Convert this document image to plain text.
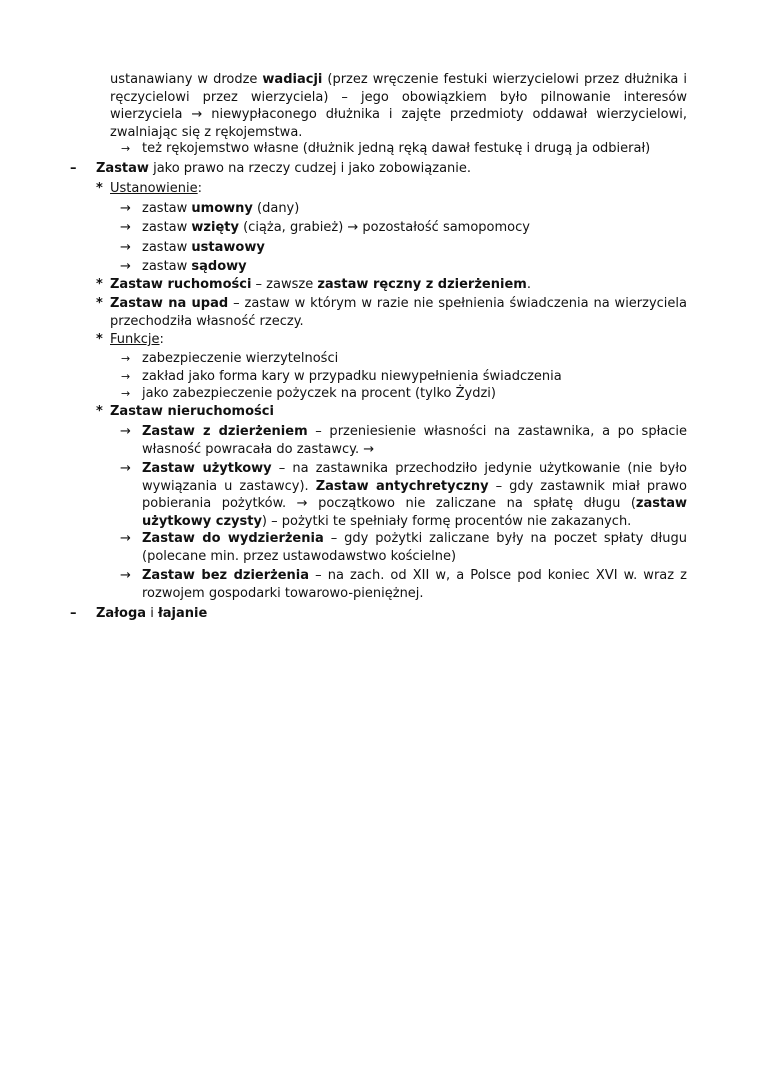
ustanawiany w drodze wadiacji (przez wręczenie festuki wierzycielowi przez dłużnika i ręczycielowi przez wierzyciela) – jego obowiązkiem było pilnowanie interesów wierzyciela → niewypłaconego dłużnika i zajęte przedmioty oddawał wierzycielowi, zwalniając się z rękojemstwa.
→ też rękojemstwo własne (dłużnik jedną ręką dawał festukę i drugą ja odbierał)
– Zastaw jako prawo na rzeczy cudzej i jako zobowiązanie.
* Ustanowienie:
→ zastaw umowny (dany)
→ zastaw wzięty (ciąża, grabież) → pozostałość samopomocy
→ zastaw ustawowy
→ zastaw sądowy
* Zastaw ruchomości – zawsze zastaw ręczny z dzierżeniem.
* Zastaw na upad – zastaw w którym w razie nie spełnienia świadczenia na wierzyciela przechodziła własność rzeczy.
* Funkcje:
→ zabezpieczenie wierzytelności
→ zakład jako forma kary w przypadku niewypełnienia świadczenia
→ jako zabezpieczenie pożyczek na procent (tylko Żydzi)
* Zastaw nieruchomości
→ Zastaw z dzierżeniem – przeniesienie własności na zastawnika, a po spłacie własność powracała do zastawcy. →
→ Zastaw użytkowy – na zastawnika przechodziło jedynie użytkowanie (nie było wywiązania u zastawcy). Zastaw antychretyczny – gdy zastawnik miał prawo pobierania pożytków. → początkowo nie zaliczane na spłatę długu (zastaw użytkowy czysty) – pożytki te spełniały formę procentów nie zakazanych.
→ Zastaw do wydzierżenia – gdy pożytki zaliczane były na poczet spłaty długu (polecane min. przez ustawodawstwo kościelne)
→ Zastaw bez dzierżenia – na zach. od XII w, a Polsce pod koniec XVI w. wraz z rozwojem gospodarki towarowo-pieniężnej.
– Załoga i łajanie
